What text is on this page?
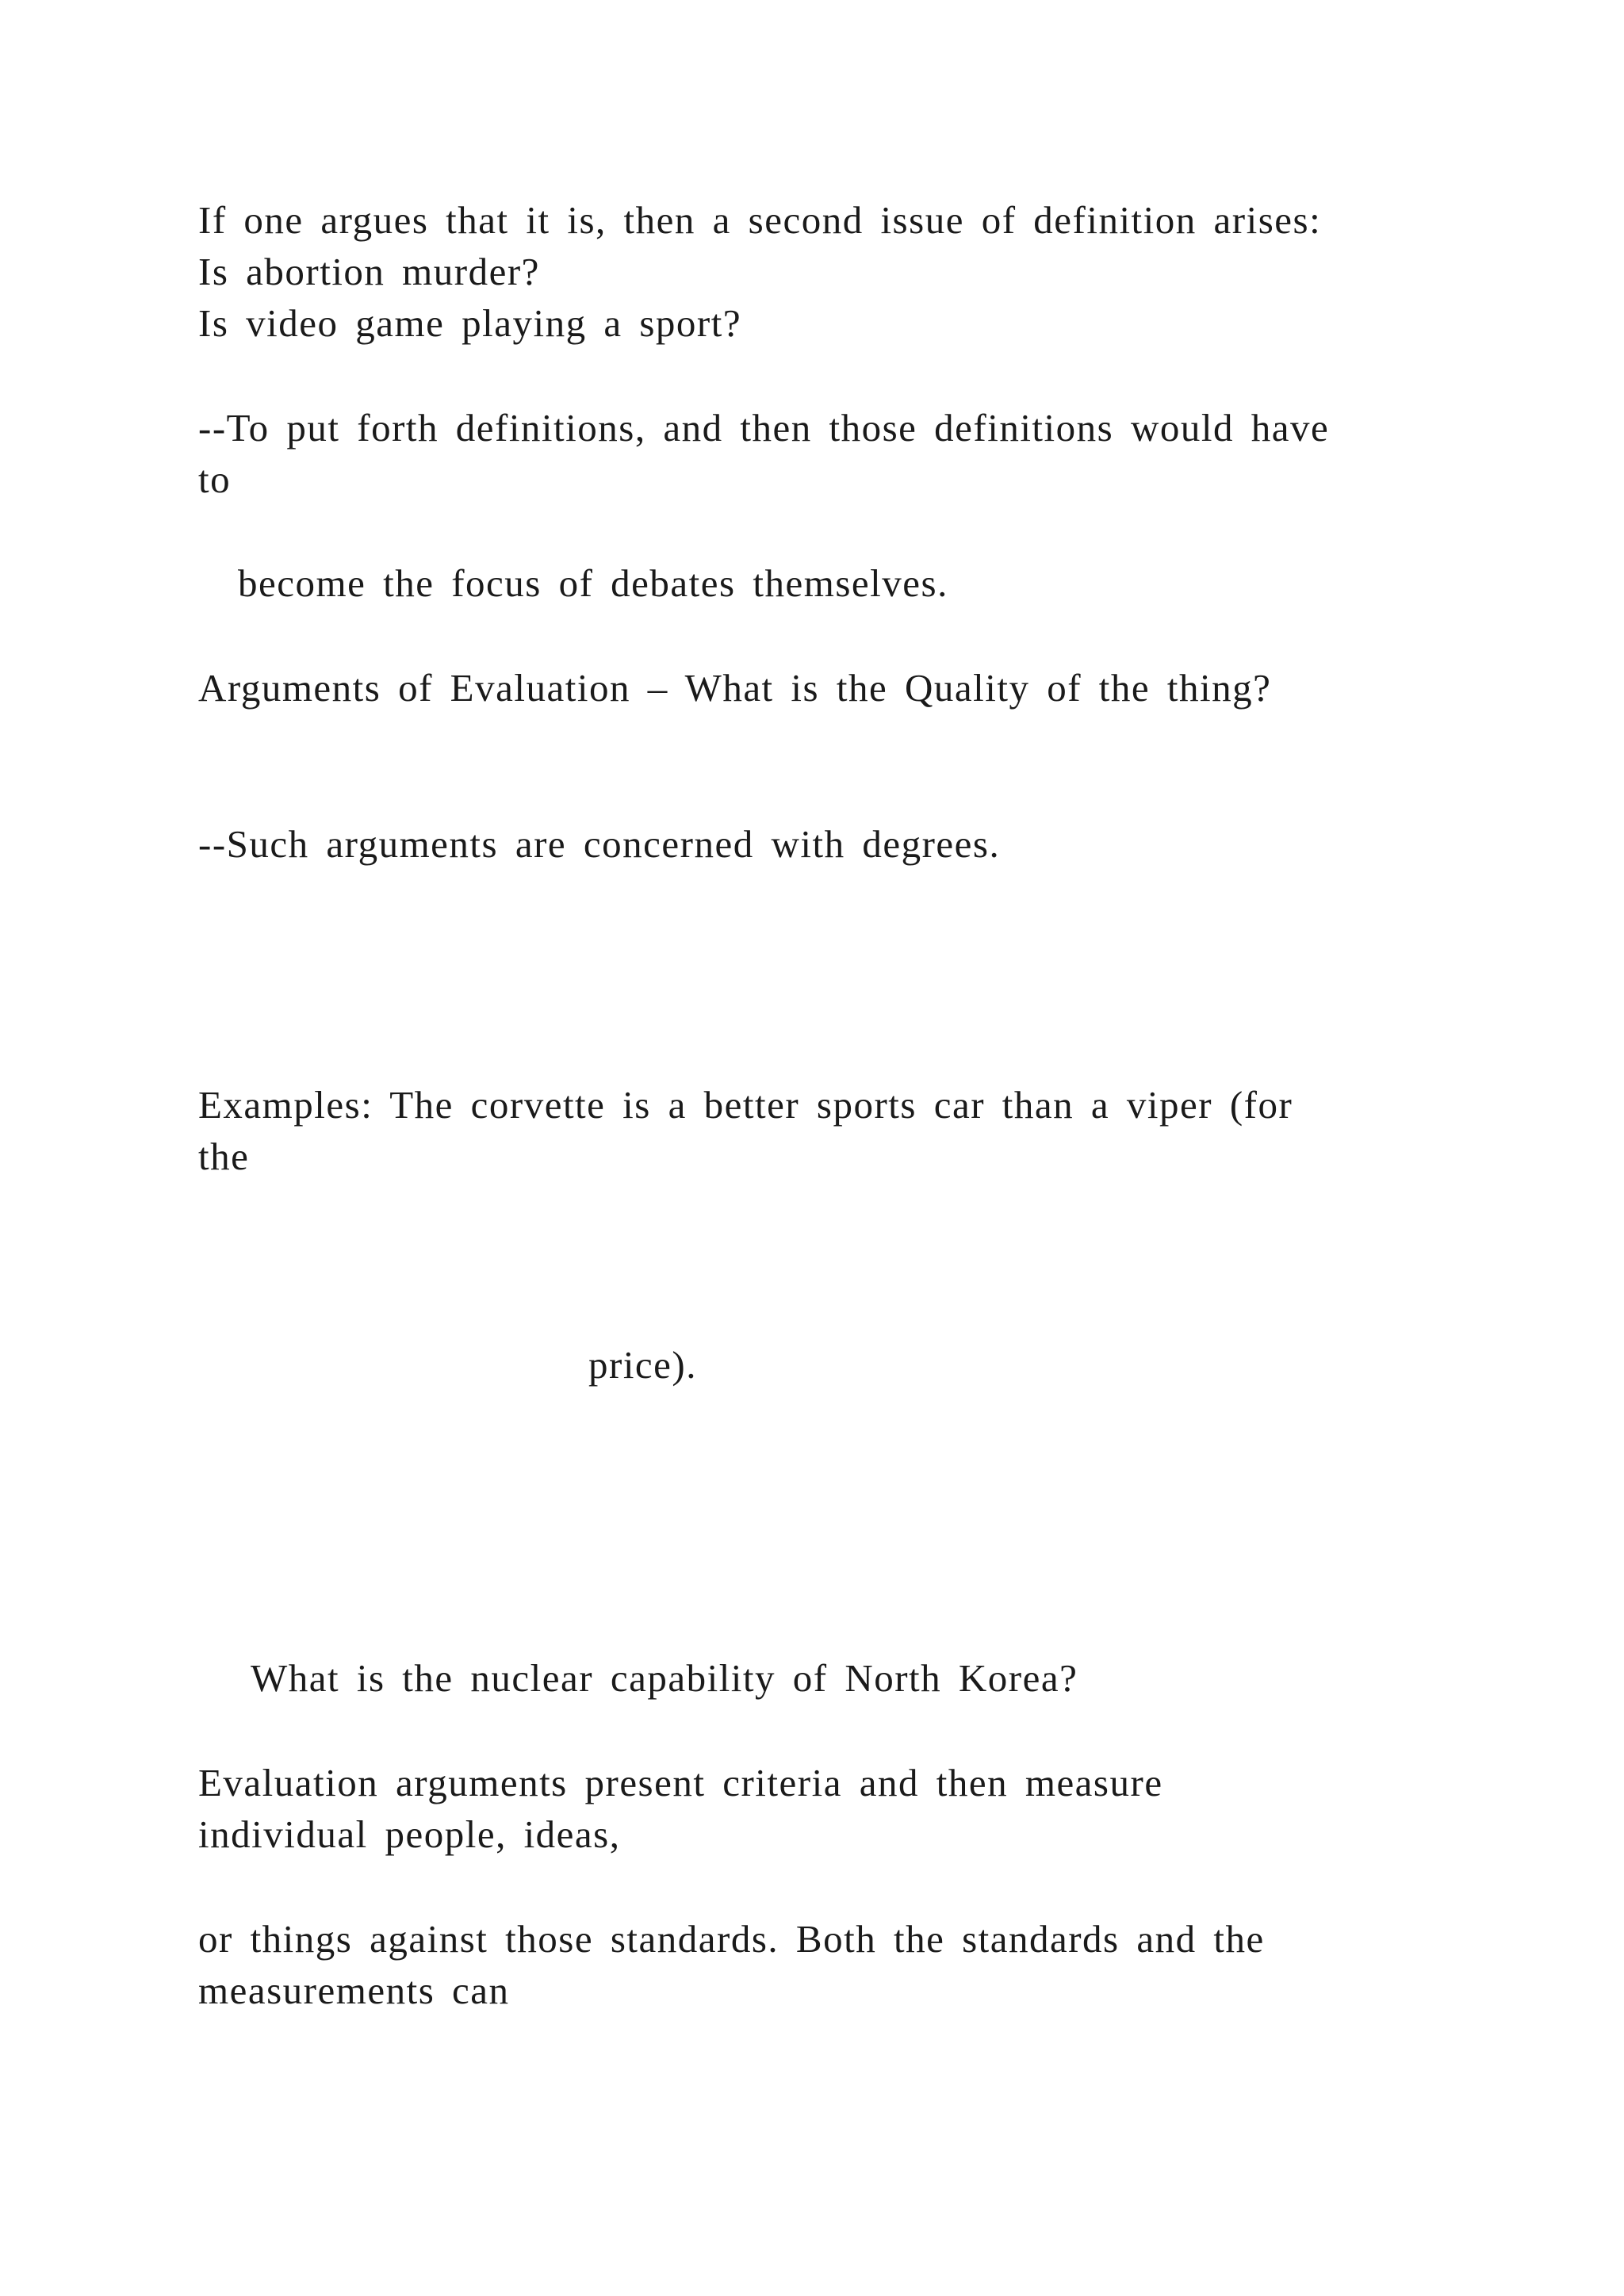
If one argues that it is, then a second issue of definition arises:
Is abortion murder?
Is video game playing a sport?
--To put forth definitions, and then those definitions would have
to
become the focus of debates themselves.
Arguments of Evaluation – What is the Quality of the thing?
--Such arguments are concerned with degrees.
Examples: The corvette is a better sports car than a viper (for
the
price).
What is the nuclear capability of North Korea?
Evaluation arguments present criteria and then measure
individual people, ideas,
or things against those standards. Both the standards and the
measurements can
